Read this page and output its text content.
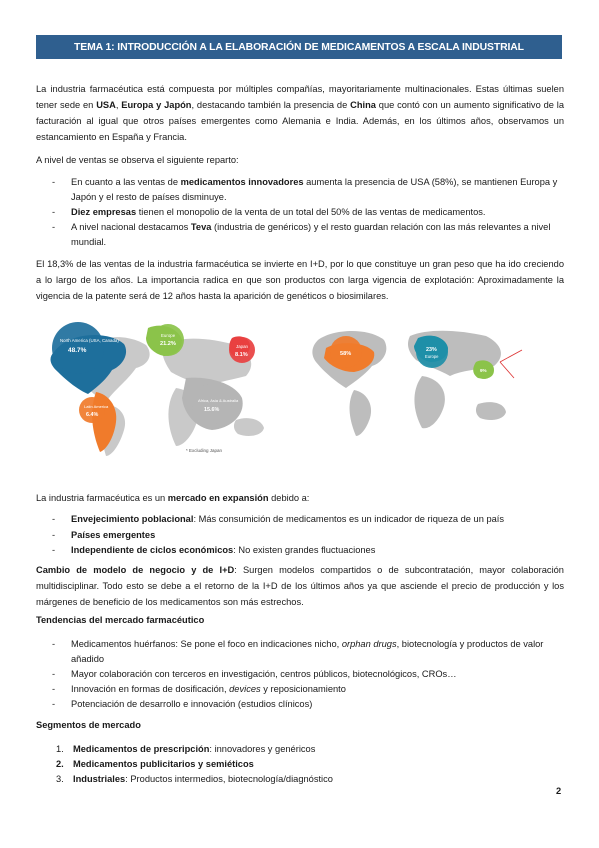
TEMA 1: INTRODUCCIÓN A LA ELABORACIÓN DE MEDICAMENTOS A ESCALA INDUSTRIAL
La industria farmacéutica está compuesta por múltiples compañías, mayoritariamente multinacionales. Estas últimas suelen tener sede en USA, Europa y Japón, destacando también la presencia de China que contó con un aumento significativo de la facturación al igual que otros países emergentes como Alemania e India. Además, en los últimos años, observamos un estancamiento en España y Francia.
A nivel de ventas se observa el siguiente reparto:
- En cuanto a las ventas de medicamentos innovadores aumenta la presencia de USA (58%), se mantienen Europa y Japón y el resto de países disminuye.
- Diez empresas tienen el monopolio de la venta de un total del 50% de las ventas de medicamentos.
- A nivel nacional destacamos Teva (industria de genéricos) y el resto guardan relación con las más relevantes a nivel mundial.
El 18,3% de las ventas de la industria farmacéutica se invierte en I+D, por lo que constituye un gran peso que ha ido creciendo a lo largo de los años. La importancia radica en que son productos con larga vigencia de explotación: Aproximadamente la vigencia de la patente será de 12 años hasta la aparición de genéticos o biosimilares.
North America (USA, Canada)
48.7%
Europe
21.2%	Japan
8.1%
Latin America
6.4%
Africa, Asia & Australia
15.6%
* Excluding Japan
58%
23%
Europe
9%
La industria farmacéutica es un mercado en expansión debido a:
- Envejecimiento poblacional: Más consumición de medicamentos es un indicador de riqueza de un país
- Países emergentes
- Independiente de ciclos económicos: No existen grandes fluctuaciones
Cambio de modelo de negocio y de I+D: Surgen modelos compartidos o de subcontratación, mayor colaboración multidisciplinar. Todo esto se debe a el retorno de la I+D de los últimos años ya que asciende el precio de producción y los márgenes de beneficio de los medicamentos son más estrechos.
Tendencias del mercado farmacéutico
- Medicamentos huérfanos: Se pone el foco en indicaciones nicho, orphan drugs, biotecnología y productos de valor añadido
- Mayor colaboración con terceros en investigación, centros públicos, biotecnológicos, CROs…
- Innovación en formas de dosificación, devices y reposicionamiento
- Potenciación de desarrollo e innovación (estudios clínicos)
Segmentos de mercado
1. Medicamentos de prescripción: innovadores y genéricos
2. Medicamentos publicitarios y semiéticos
3. Industriales: Productos intermedios, biotecnología/diagnóstico
2
